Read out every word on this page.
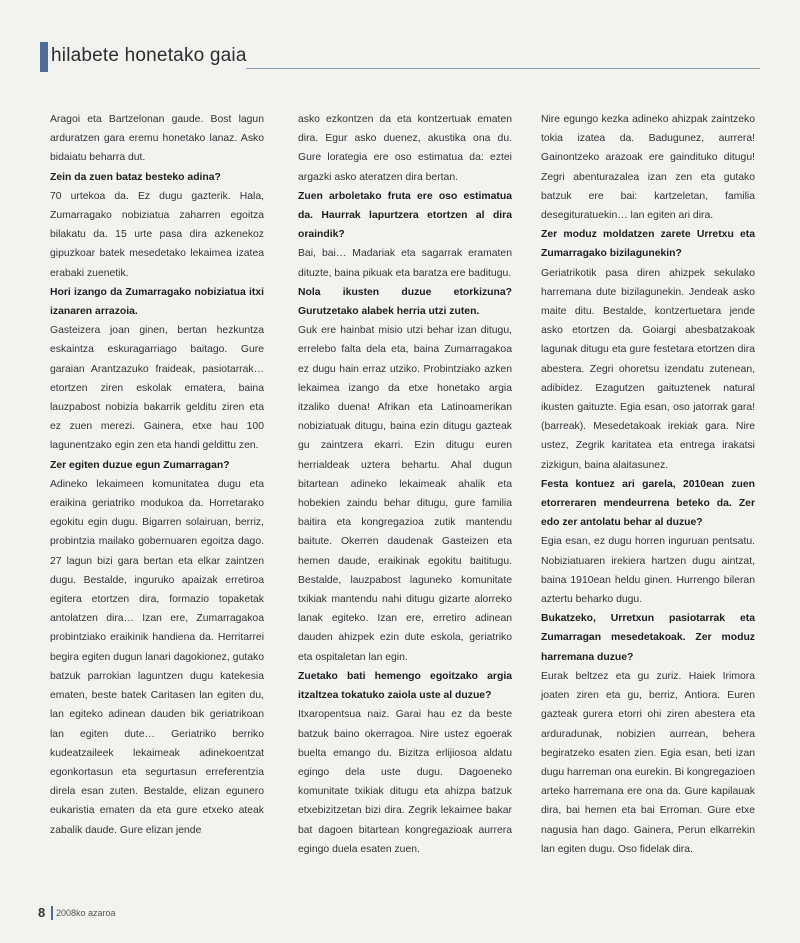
hilabete honetako gaia

Aragoi eta Bartzelonan gaude. Bost lagun arduratzen gara eremu honetako lanaz. Asko bidaiatu beharra dut.

Zein da zuen bataz besteko adina?

70 urtekoa da. Ez dugu gazterik. Hala, Zumarragako nobiziatua zaharren egoitza bilakatu da. 15 urte pasa dira azkenekoz gipuzkoar batek mesedetako lekaimea izatea erabaki zuenetik.

Hori izango da Zumarragako nobiziatua itxi izanaren arrazoia.

Gasteizera joan ginen, bertan hezkuntza eskaintza eskuragarriago baitago. Gure garaian Arantzazuko fraideak, pasiotarrak… etortzen ziren eskolak ematera, baina lauzpabost nobizia bakarrik gelditu ziren eta ez zuen merezi. Gainera, etxe hau 100 lagunentzako egin zen eta handi geldittu zen.

Zer egiten duzue egun Zumarragan?

Adineko lekaimeen komunitatea dugu eta eraikina geriatriko modukoa da. Horretarako egokitu egin dugu. Bigarren solairuan, berriz, probintzia mailako gobernuaren egoitza dago. 27 lagun bizi gara bertan eta elkar zaintzen dugu. Bestalde, inguruko apaizak erretiroa egitera etortzen dira, formazio topaketak antolatzen dira… Izan ere, Zumarragakoa probintziako eraikinik handiena da. Herritarrei begira egiten dugun lanari dagokionez, gutako batzuk parrokian laguntzen dugu katekesia ematen, beste batek Caritasen lan egiten du, lan egiteko adinean dauden bik geriatrikoan lan egiten dute… Geriatriko berriko kudeatzaileek lekaimeak adinekoentzat egonkortasun eta segurtasun erreferentzia direla esan zuten. Bestalde, elizan egunero eukaristia ematen da eta gure etxeko ateak zabalik daude. Gure elizan jende

asko ezkontzen da eta kontzertuak ematen dira. Egur asko duenez, akustika ona du. Gure lorategia ere oso estimatua da: eztei argazki asko ateratzen dira bertan.

Zuen arboletako fruta ere oso estimatua da. Haurrak lapurtzera etortzen al dira oraindik?

Bai, bai… Madariak eta sagarrak eramaten dituzte, baina pikuak eta baratza ere baditugu.

Nola ikusten duzue etorkizuna? Gurutzetako alabek herria utzi zuten.

Guk ere hainbat misio utzi behar izan ditugu, errelebo falta dela eta, baina Zumarragakoa ez dugu hain erraz utziko. Probintziako azken lekaimea izango da etxe honetako argia itzaliko duena! Afrikan eta Latinoamerikan nobiziatuak ditugu, baina ezin ditugu gazteak gu zaintzera ekarri. Ezin ditugu euren herrialdeak uztera behartu. Ahal dugun bitartean adineko lekaimeak ahalik eta hobekien zaindu behar ditugu, gure familia baitira eta kongregazioa zutik mantendu baitute. Okerren daudenak Gasteizen eta hemen daude, eraikinak egokitu baititugu. Bestalde, lauzpabost laguneko komunitate txikiak mantendu nahi ditugu gizarte alorreko lanak egiteko. Izan ere, erretiro adinean dauden ahizpek ezin dute eskola, geriatriko eta ospitaletan lan egin.

Zuetako bati hemengo egoitzako argia itzaltzea tokatuko zaiola uste al duzue?

Itxaropentsua naiz. Garai hau ez da beste batzuk baino okerragoa. Nire ustez egoerak buelta emango du. Bizitza erlijiosoa aldatu egingo dela uste dugu. Dagoeneko komunitate txikiak ditugu eta ahizpa batzuk etxebizitzetan bizi dira. Zegrik lekaimee bakar bat dagoen bitartean kongregazioak aurrera egingo duela esaten zuen.

Nire egungo kezka adineko ahizpak zaintzeko tokia izatea da. Badugunez, aurrera! Gainontzeko arazoak ere gaindituko ditugu! Zegri abenturazalea izan zen eta gutako batzuk ere bai: kartzeletan, familia desegituratuekin… lan egiten ari dira.

Zer moduz moldatzen zarete Urretxu eta Zumarragako bizilagunekin?

Geriatrikotik pasa diren ahizpek sekulako harremana dute bizilagunekin. Jendeak asko maite ditu. Bestalde, kontzertuetara jende asko etortzen da. Goiargi abesbatzakoak lagunak ditugu eta gure festetara etortzen dira abestera. Zegri ohoretsu izendatu zutenean, adibidez. Ezagutzen gaituztenek natural ikusten gaituzte. Egia esan, oso jatorrak gara! (barreak). Mesedetakoak irekiak gara. Nire ustez, Zegrik karitatea eta entrega irakatsi zizkigun, baina alaitasunez.

Festa kontuez ari garela, 2010ean zuen etorreraren mendeurrena beteko da. Zer edo zer antolatu behar al duzue?

Egia esan, ez dugu horren inguruan pentsatu. Nobiziatuaren irekiera hartzen dugu aintzat, baina 1910ean heldu ginen. Hurrengo bileran aztertu beharko dugu.

Bukatzeko, Urretxun pasiotarrak eta Zumarragan mesedetakoak. Zer moduz harremana duzue?

Eurak beltzez eta gu zuriz. Haiek Irimora joaten ziren eta gu, berriz, Antiora. Euren gazteak gurera etorri ohi ziren abestera eta arduradunak, nobizien aurrean, beherа begiratzeko esaten zien. Egia esan, beti izan dugu harreman ona eurekin. Bi kongregazioen arteko harremana ere ona da. Gure kapilauak dira, bai hemen eta bai Erroman. Gure etxe nagusia han dago. Gainera, Perun elkarrekin lan egiten dugu. Oso fidelak dira.

8 2008ko azaroa
